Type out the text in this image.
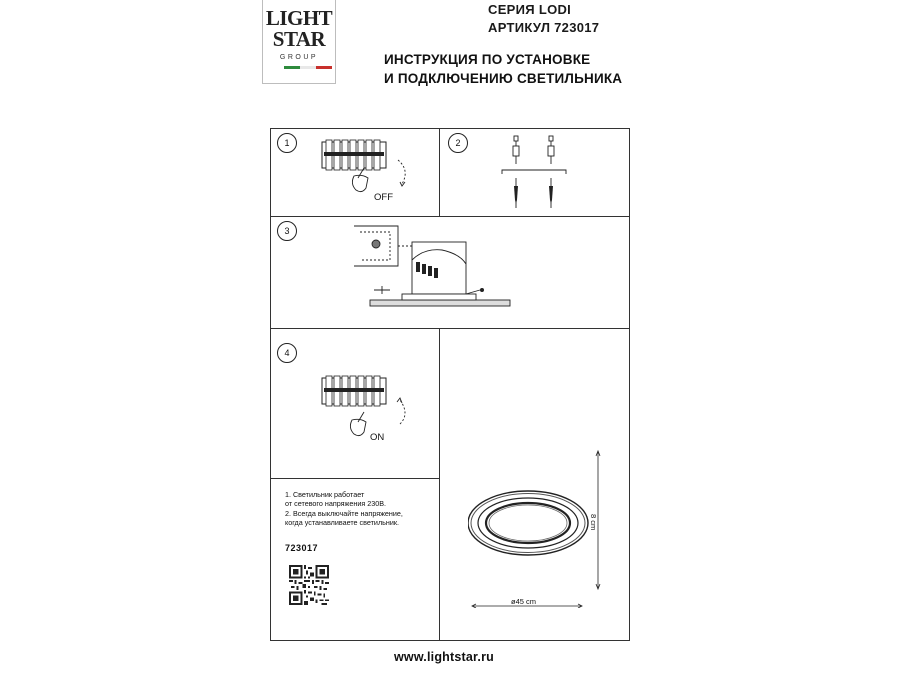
LIGHT
STAR
GROUP
СЕРИЯ LODI
АРТИКУЛ 723017
ИНСТРУКЦИЯ ПО УСТАНОВКЕ
И ПОДКЛЮЧЕНИЮ СВЕТИЛЬНИКА
1	2
3
4
OFF
ON
1. Светильник работает
от сетевого напряжения 230В.
2. Всегда выключайте напряжение,
когда устанавливаете светильник.
723017
8 cm
ø45 cm
www.lightstar.ru
